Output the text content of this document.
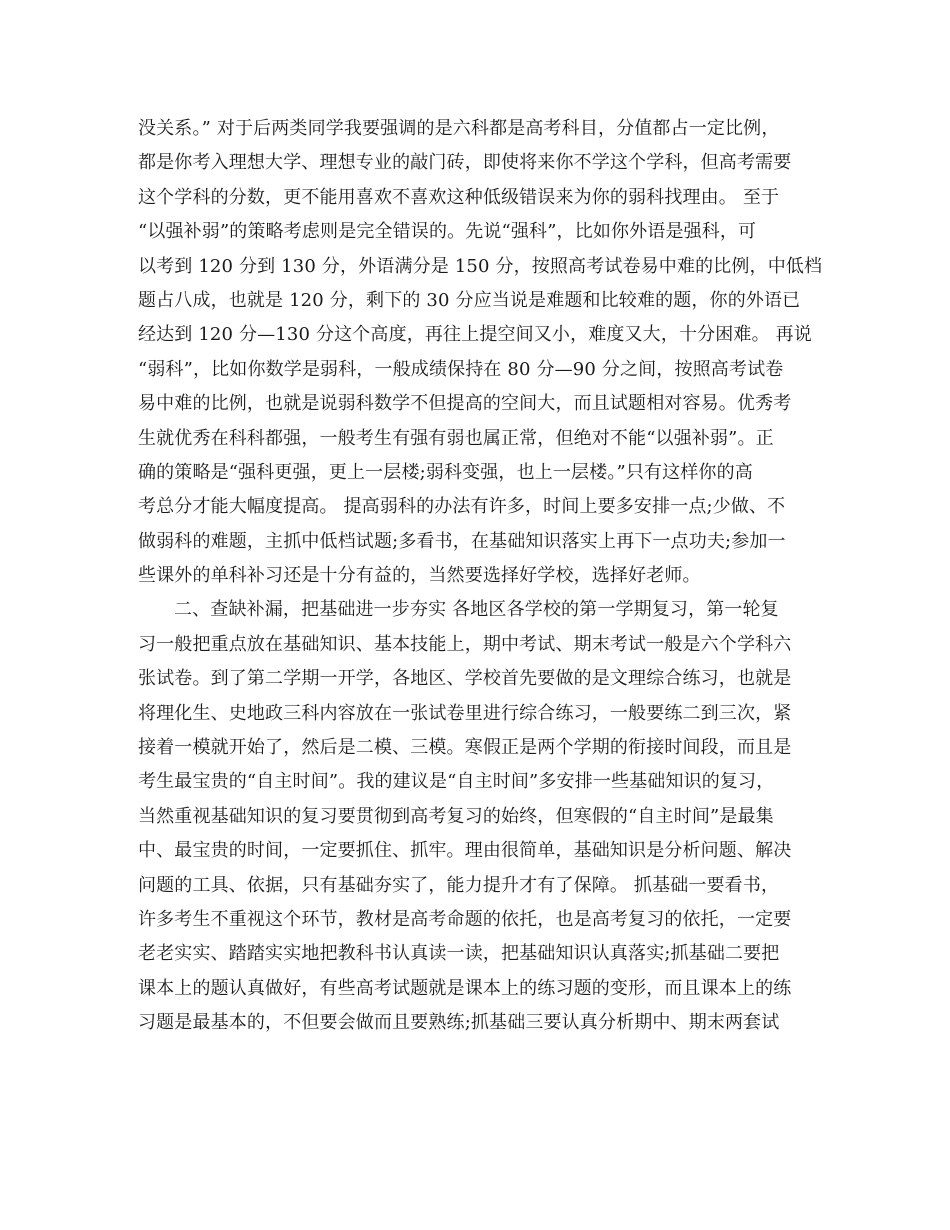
没关系。” 对于后两类同学我要强调的是六科都是高考科目，分值都占一定比例，
都是你考入理想大学、理想专业的敲门砖，即使将来你不学这个学科，但高考需要
这个学科的分数，更不能用喜欢不喜欢这种低级错误来为你的弱科找理由。 至于
“以强补弱”的策略考虑则是完全错误的。先说“强科”，比如你外语是强科，可
以考到 120 分到 130 分，外语满分是 150 分，按照高考试卷易中难的比例，中低档
题占八成，也就是 120 分，剩下的 30 分应当说是难题和比较难的题，你的外语已
经达到 120 分—130 分这个高度，再往上提空间又小，难度又大，十分困难。 再说
“弱科”，比如你数学是弱科，一般成绩保持在 80 分—90 分之间，按照高考试卷
易中难的比例，也就是说弱科数学不但提高的空间大，而且试题相对容易。优秀考
生就优秀在科科都强，一般考生有强有弱也属正常，但绝对不能“以强补弱”。正
确的策略是“强科更强，更上一层楼;弱科变强，也上一层楼。”只有这样你的高
考总分才能大幅度提高。 提高弱科的办法有许多，时间上要多安排一点;少做、不
做弱科的难题，主抓中低档试题;多看书，在基础知识落实上再下一点功夫;参加一
些课外的单科补习还是十分有益的，当然要选择好学校，选择好老师。
二、查缺补漏，把基础进一步夯实 各地区各学校的第一学期复习，第一轮复
习一般把重点放在基础知识、基本技能上，期中考试、期末考试一般是六个学科六
张试卷。到了第二学期一开学，各地区、学校首先要做的是文理综合练习，也就是
将理化生、史地政三科内容放在一张试卷里进行综合练习，一般要练二到三次，紧
接着一模就开始了，然后是二模、三模。寒假正是两个学期的衔接时间段，而且是
考生最宝贵的“自主时间”。我的建议是“自主时间”多安排一些基础知识的复习，
当然重视基础知识的复习要贯彻到高考复习的始终，但寒假的“自主时间”是最集
中、最宝贵的时间，一定要抓住、抓牢。理由很简单，基础知识是分析问题、解决
问题的工具、依据，只有基础夯实了，能力提升才有了保障。 抓基础一要看书，
许多考生不重视这个环节，教材是高考命题的依托，也是高考复习的依托，一定要
老老实实、踏踏实实地把教科书认真读一读，把基础知识认真落实;抓基础二要把
课本上的题认真做好，有些高考试题就是课本上的练习题的变形，而且课本上的练
习题是最基本的，不但要会做而且要熟练;抓基础三要认真分析期中、期末两套试
